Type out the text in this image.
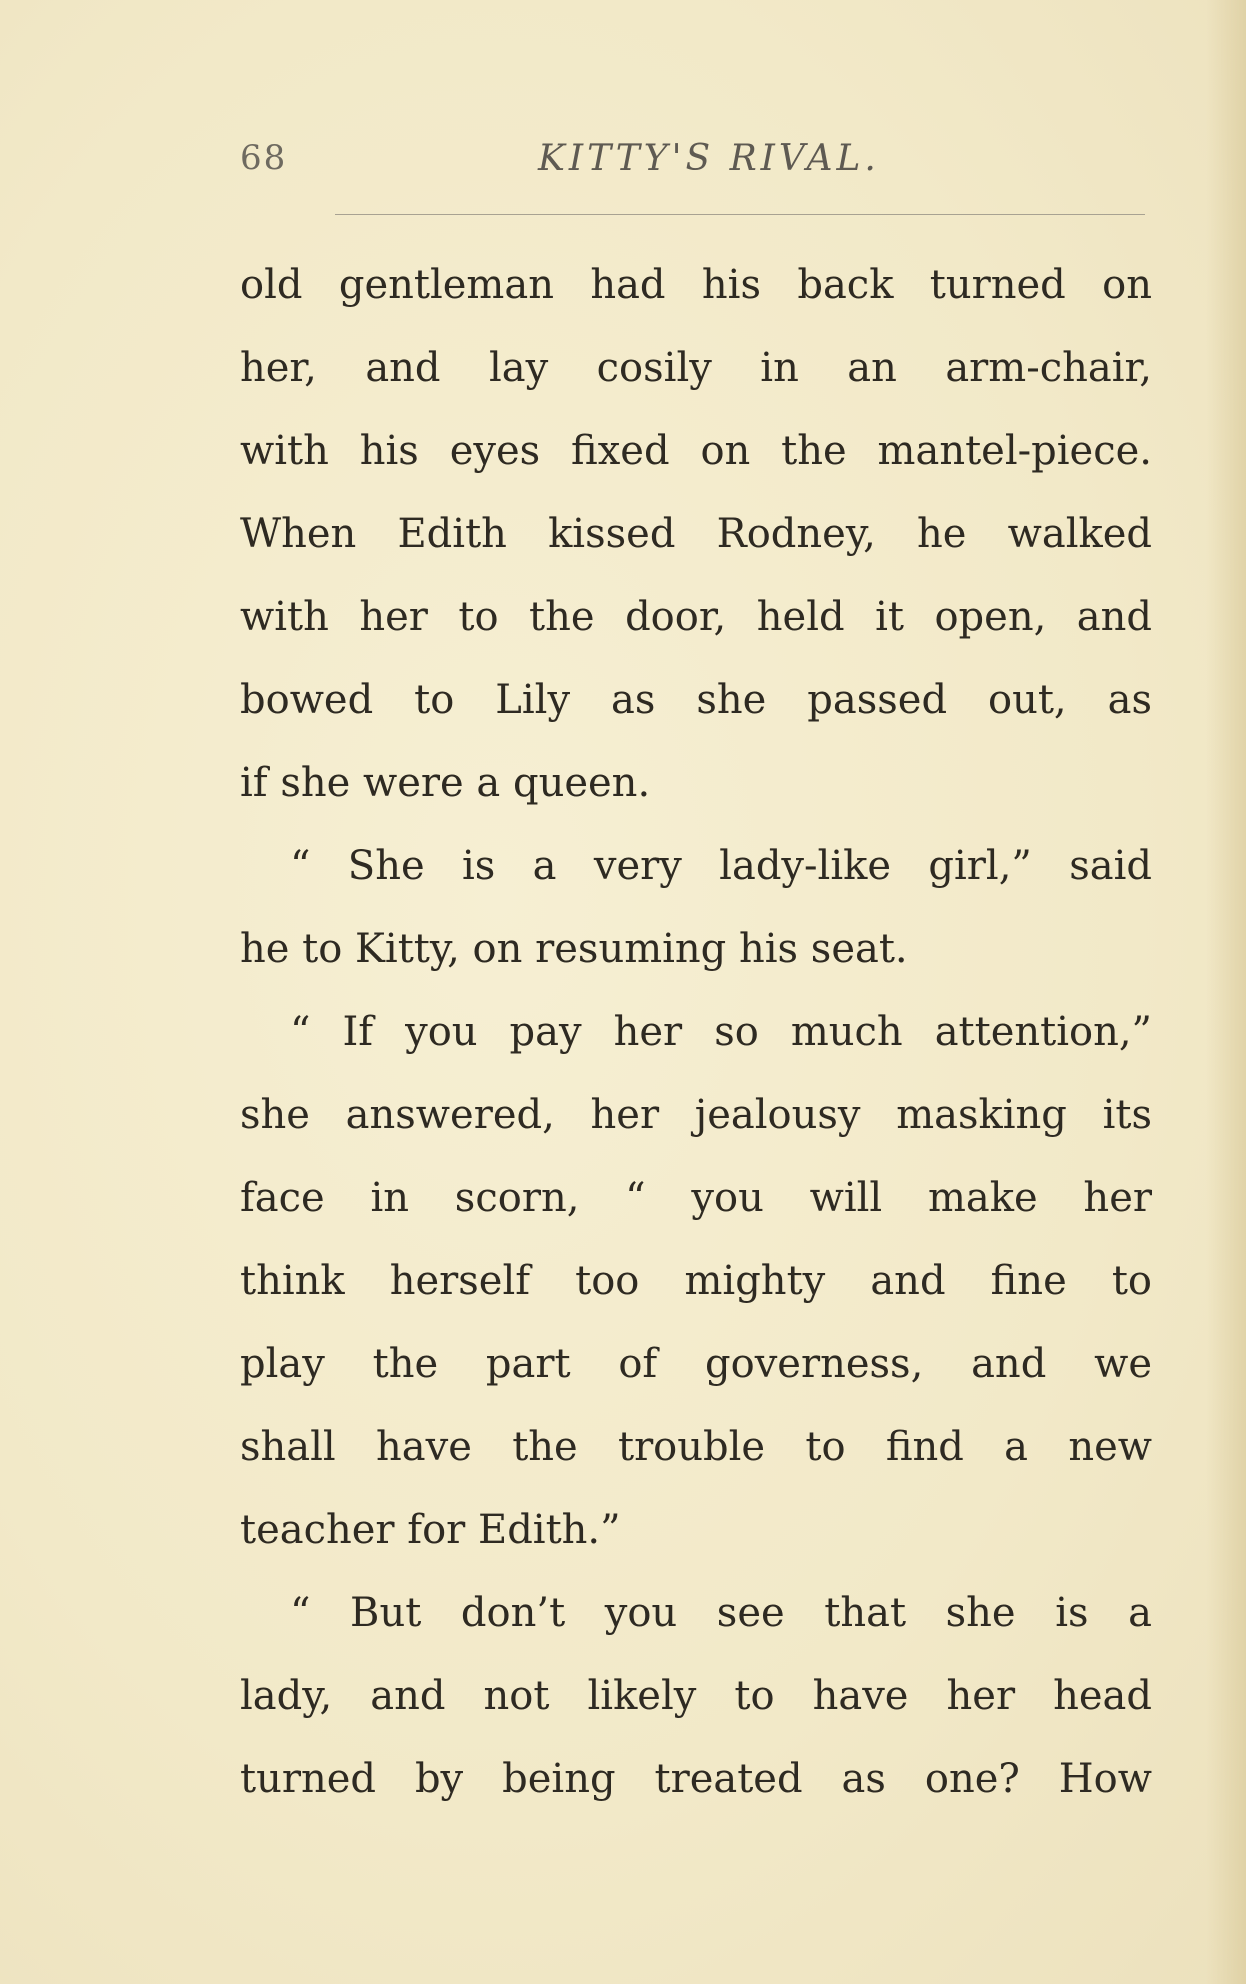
68	KITTY'S RIVAL.
old gentleman had his back turned on
her, and lay cosily in an arm-chair,
with his eyes fixed on the mantel-piece.
When Edith kissed Rodney, he walked
with her to the door, held it open, and
bowed to Lily as she passed out, as
if she were a queen.
“ She is a very lady-like girl,” said
he to Kitty, on resuming his seat.
“ If you pay her so much attention,”
she answered, her jealousy masking its
face in scorn, “ you will make her
think herself too mighty and fine to
play the part of governess, and we
shall have the trouble to find a new
teacher for Edith.”
“ But don’t you see that she is a
lady, and not likely to have her head
turned by being treated as one? How
